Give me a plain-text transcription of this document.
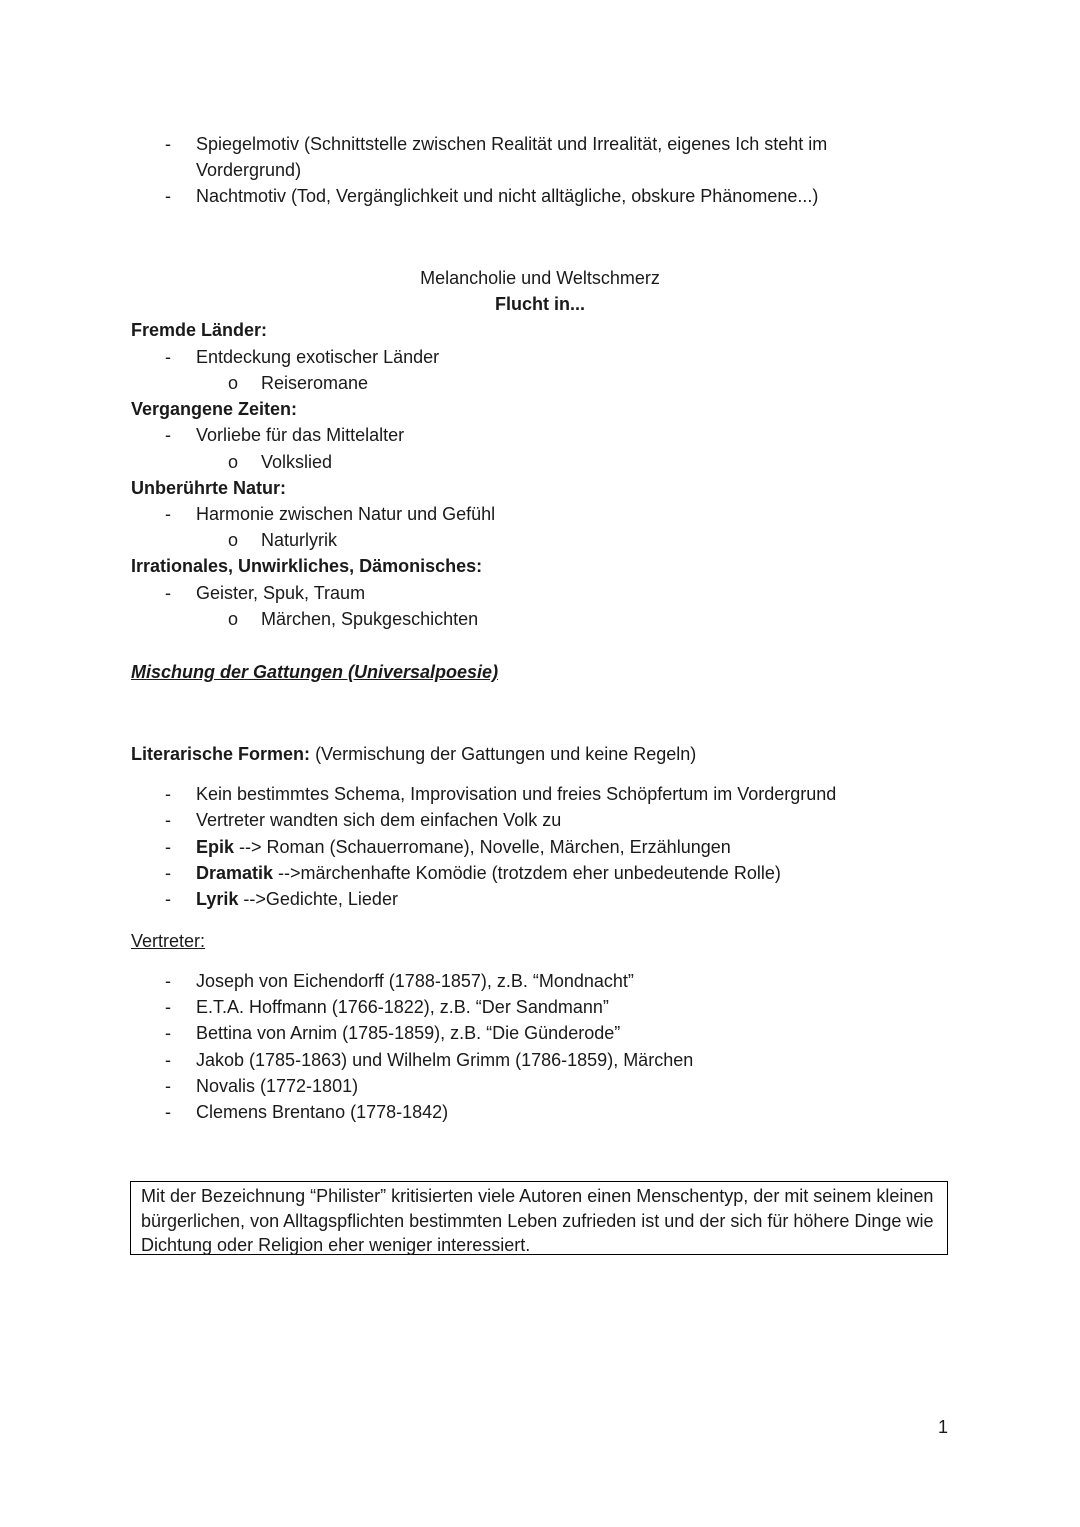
- Spiegelmotiv (Schnittstelle zwischen Realität und Irrealität, eigenes Ich steht im
Vordergrund)
- Nachtmotiv (Tod, Vergänglichkeit und nicht alltägliche, obskure Phänomene...)
Melancholie und Weltschmerz
Flucht in...
Fremde Länder:
- Entdeckung exotischer Länder
o Reiseromane
Vergangene Zeiten:
- Vorliebe für das Mittelalter
o Volkslied
Unberührte Natur:
- Harmonie zwischen Natur und Gefühl
o Naturlyrik
Irrationales, Unwirkliches, Dämonisches:
- Geister, Spuk, Traum
o Märchen, Spukgeschichten
Mischung der Gattungen (Universalpoesie)
Literarische Formen: (Vermischung der Gattungen und keine Regeln)
- Kein bestimmtes Schema, Improvisation und freies Schöpfertum im Vordergrund
- Vertreter wandten sich dem einfachen Volk zu
- Epik --> Roman (Schauerromane), Novelle, Märchen, Erzählungen
- Dramatik -->märchenhafte Komödie (trotzdem eher unbedeutende Rolle)
- Lyrik -->Gedichte, Lieder
Vertreter:
- Joseph von Eichendorff (1788-1857), z.B. “Mondnacht”
- E.T.A. Hoffmann (1766-1822), z.B. “Der Sandmann”
- Bettina von Arnim (1785-1859), z.B. “Die Günderode”
- Jakob (1785-1863) und Wilhelm Grimm (1786-1859), Märchen
- Novalis (1772-1801)
- Clemens Brentano (1778-1842)
Mit der Bezeichnung “Philister” kritisierten viele Autoren einen Menschentyp, der mit seinem kleinen bürgerlichen, von Alltagspflichten bestimmten Leben zufrieden ist und der sich für höhere Dinge wie Dichtung oder Religion eher weniger interessiert.
1
